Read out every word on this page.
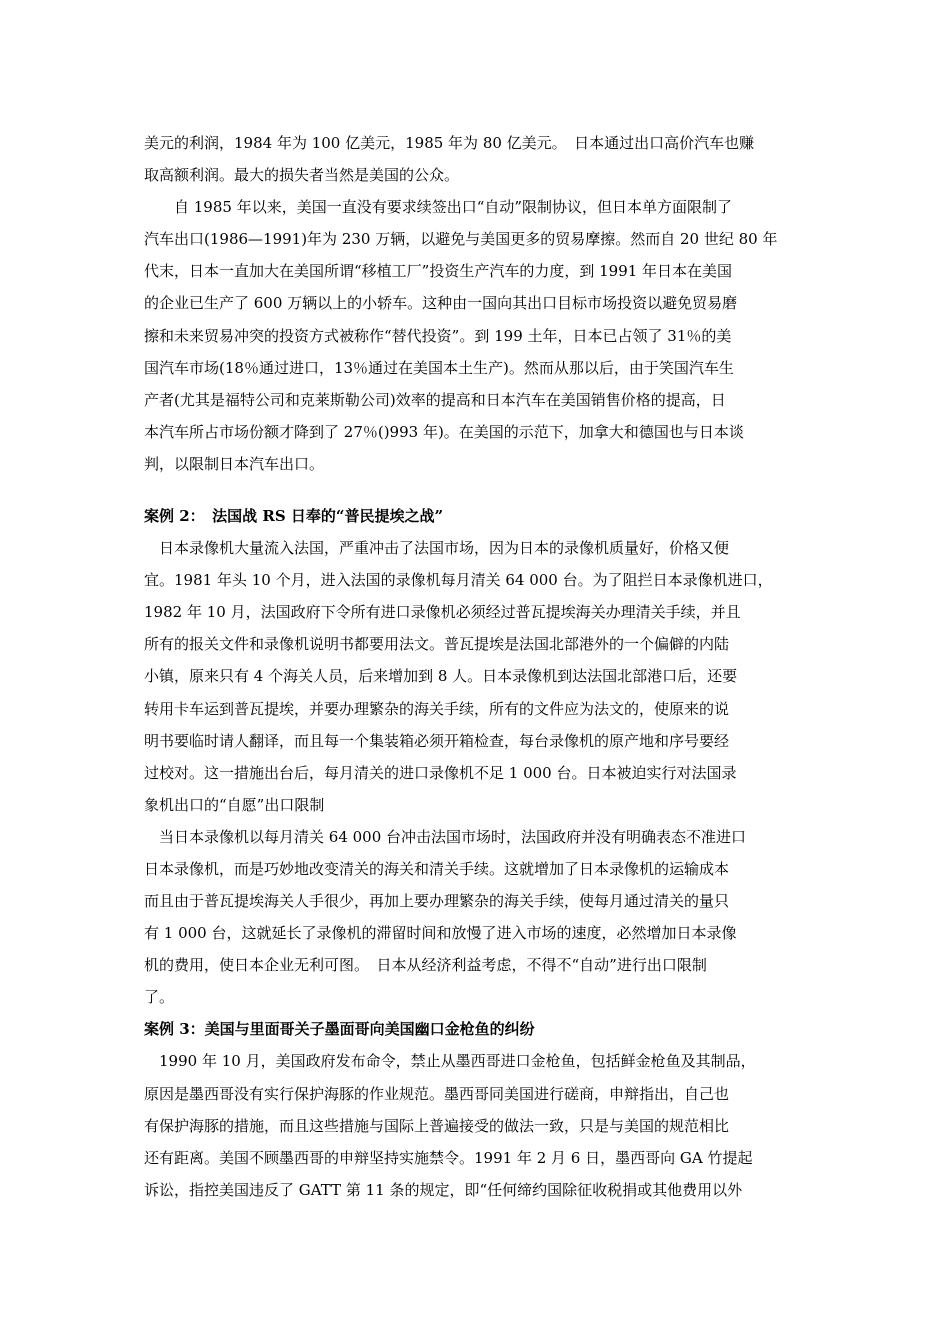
美元的利润，1984 年为 100 亿美元，1985 年为 80 亿美元。　日本通过出口高价汽车也赚
取高额利润。最大的损失者当然是美国的公众。
　　自 1985 年以来，美国一直没有要求续签出口“自动”限制协议，但日本单方面限制了
汽车出口(1986—1991)年为 230 万辆，以避免与美国更多的贸易摩擦。然而自 20 世纪 80 年
代末，日本一直加大在美国所谓“移植工厂”投资生产汽车的力度，到 1991 年日本在美国
的企业已生产了 600 万辆以上的小轿车。这种由一国向其出口目标市场投资以避免贸易磨
擦和未来贸易冲突的投资方式被称作“替代投资”。到 199 土年，日本已占领了 31％的美
国汽车市场(18％通过进口，13％通过在美国本土生产)。然而从那以后，由于笑国汽车生
产者(尤其是福特公司和克莱斯勒公司)效率的提高和日本汽车在美国销售价格的提高，日
本汽车所占市场份额才降到了 27％()993 年)。在美国的示范下，加拿大和德国也与日本谈
判，以限制日本汽车出口。
案例 2：　法国战 RS 日奉的“普民提埃之战”
　日本录像机大量流入法国，严重冲击了法国市场，因为日本的录像机质量好，价格又便
宜。1981 年头 10 个月，进入法国的录像机每月清关 64 000 台。为了阻拦日本录像机进口，
1982 年 10 月，法国政府下令所有进口录像机必须经过普瓦提埃海关办理清关手续，并且
所有的报关文件和录像机说明书都要用法文。普瓦提埃是法国北部港外的一个偏僻的内陆
小镇，原来只有 4 个海关人员，后来增加到 8 人。日本录像机到达法国北部港口后，还要
转用卡车运到普瓦提埃，并要办理繁杂的海关手续，所有的文件应为法文的，使原来的说
明书要临时请人翻译，而且每一个集装箱必须开箱检查，每台录像机的原产地和序号要经
过校对。这一措施出台后，每月清关的进口录像机不足 1 000 台。日本被迫实行对法国录
象机出口的“自愿”出口限制
　当日本录像机以每月清关 64 000 台冲击法国市场时，法国政府并没有明确表态不准进口
日本录像机，而是巧妙地改变清关的海关和清关手续。这就增加了日本录像机的运输成本
而且由于普瓦提埃海关人手很少，再加上要办理繁杂的海关手续，使每月通过清关的量只
有 1 000 台，这就延长了录像机的滞留时间和放慢了进入市场的速度，必然增加日本录像
机的费用，使日本企业无利可图。　日本从经济利益考虑，不得不“自动”进行出口限制
了。
案例 3：美国与里面哥关子墨面哥向美国幽口金枪鱼的纠纷
　1990 年 10 月，美国政府发布命令，禁止从墨西哥进口金枪鱼，包括鲜金枪鱼及其制品，
原因是墨西哥没有实行保护海豚的作业规范。墨西哥同美国进行磋商，申辩指出，自己也
有保护海豚的措施，而且这些措施与国际上普遍接受的做法一致，只是与美国的规范相比
还有距离。美国不顾墨西哥的申辩坚持实施禁令。1991 年 2 月 6 日，墨西哥向 GA 竹提起
诉讼，指控美国违反了 GATT 第 11 条的规定，即“任何缔约国除征收税捐或其他费用以外
